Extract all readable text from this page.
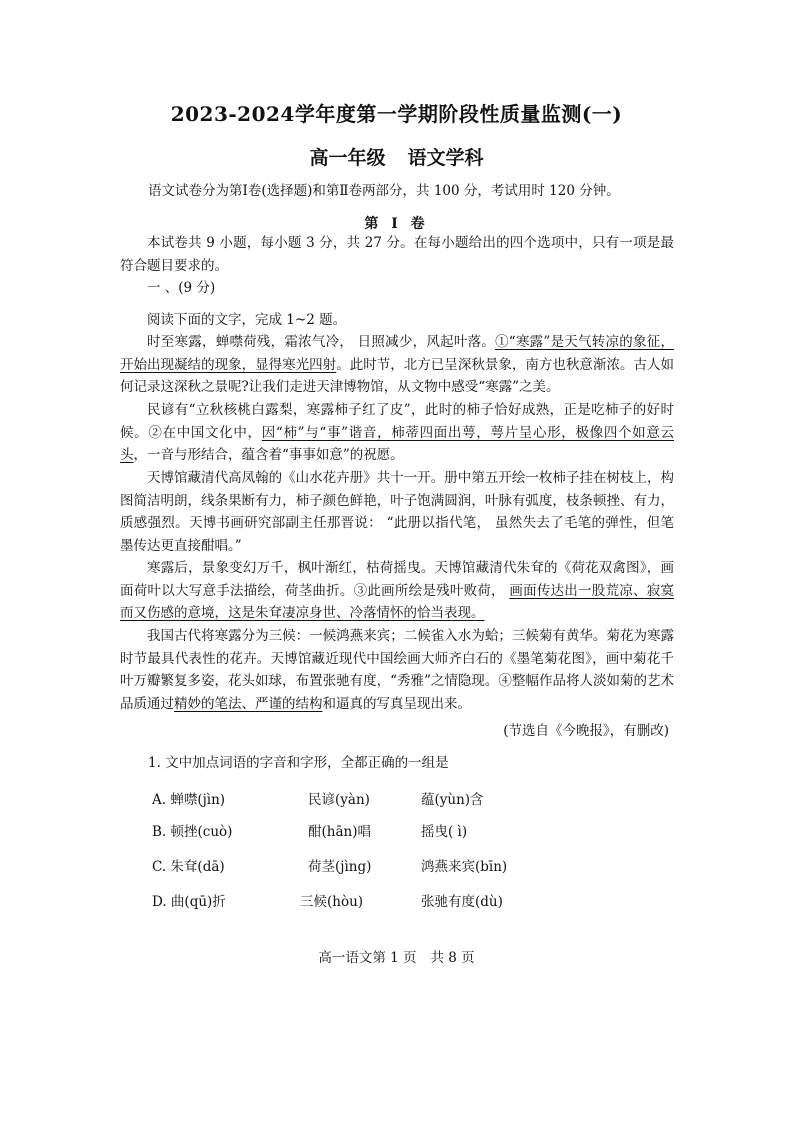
2023-2024学年度第一学期阶段性质量监测(一)
高一年级 语文学科
语文试卷分为第Ⅰ卷(选择题)和第Ⅱ卷两部分，共 100 分，考试用时 120 分钟。
第 Ⅰ 卷
本试卷共 9 小题，每小题 3 分，共 27 分。在每小题给出的四个选项中，只有一项是最符合题目要求的。
一 、(9 分)
阅读下面的文字，完成 1~2 题。
时至寒露，蝉噤荷残，霜浓气冷， 日照减少，风起叶落。①“寒露”是天气转凉的象征，开始出现凝结的现象，显得寒光四射。此时节，北方已呈深秋景象，南方也秋意渐浓。古人如何记录这深秋之景呢?让我们走进天津博物馆，从文物中感受“寒露”之美。
民谚有“立秋核桃白露梨，寒露柿子红了皮”，此时的柿子恰好成熟，正是吃柿子的好时候。②在中国文化中，因“柿”与“事”谐音，柿蒂四面出萼，萼片呈心形，极像四个如意云头，一音与形结合，蕴含着“事事如意”的祝愿。
天博馆藏清代高凤翰的《山水花卉册》共十一开。册中第五开绘一枚柿子挂在树枝上，构图简洁明朗，线条果断有力，柿子颜色鲜艳，叶子饱满圆润，叶脉有弧度，枝条顿挫、有力，质感强烈。天博书画研究部副主任那晋说： “此册以指代笔， 虽然失去了毛笔的弹性，但笔墨传达更直接酣唱。”
寒露后，景象变幻万千，枫叶渐红，枯荷摇曳。天博馆藏清代朱耷的《荷花双禽图》，画面荷叶以大写意手法描绘，荷茎曲折。③此画所绘是残叶败荷， 画面传达出一股荒凉、寂寞而又伤感的意境，这是朱耷凄凉身世、冷落情怀的恰当表现。
我国古代将寒露分为三候：一候鸿燕来宾；二候雀入水为蛤；三候菊有黄华。菊花为寒露时节最具代表性的花卉。天博馆藏近现代中国绘画大师齐白石的《墨笔菊花图》，画中菊花千叶万瓣繁复多姿，花头如球，布置张驰有度，“秀雅”之情隐现。④整幅作品将人淡如菊的艺术品质通过精妙的笔法、严谨的结构和逼真的写真呈现出来。
(节选自《今晚报》，有删改)
1. 文中加点词语的字音和字形，全都正确的一组是
A. 蝉噤(jìn)	民谚(yàn)	蕴(yùn)含
B. 顿挫(cuò)	酣(hān)唱	摇曳( ì)
C. 朱耷(dā)	荷茎(jìng)	鸿燕来宾(bīn)
D. 曲(qū)折	三候(hòu)	张驰有度(dù)
高一语文第 1 页 共 8 页
